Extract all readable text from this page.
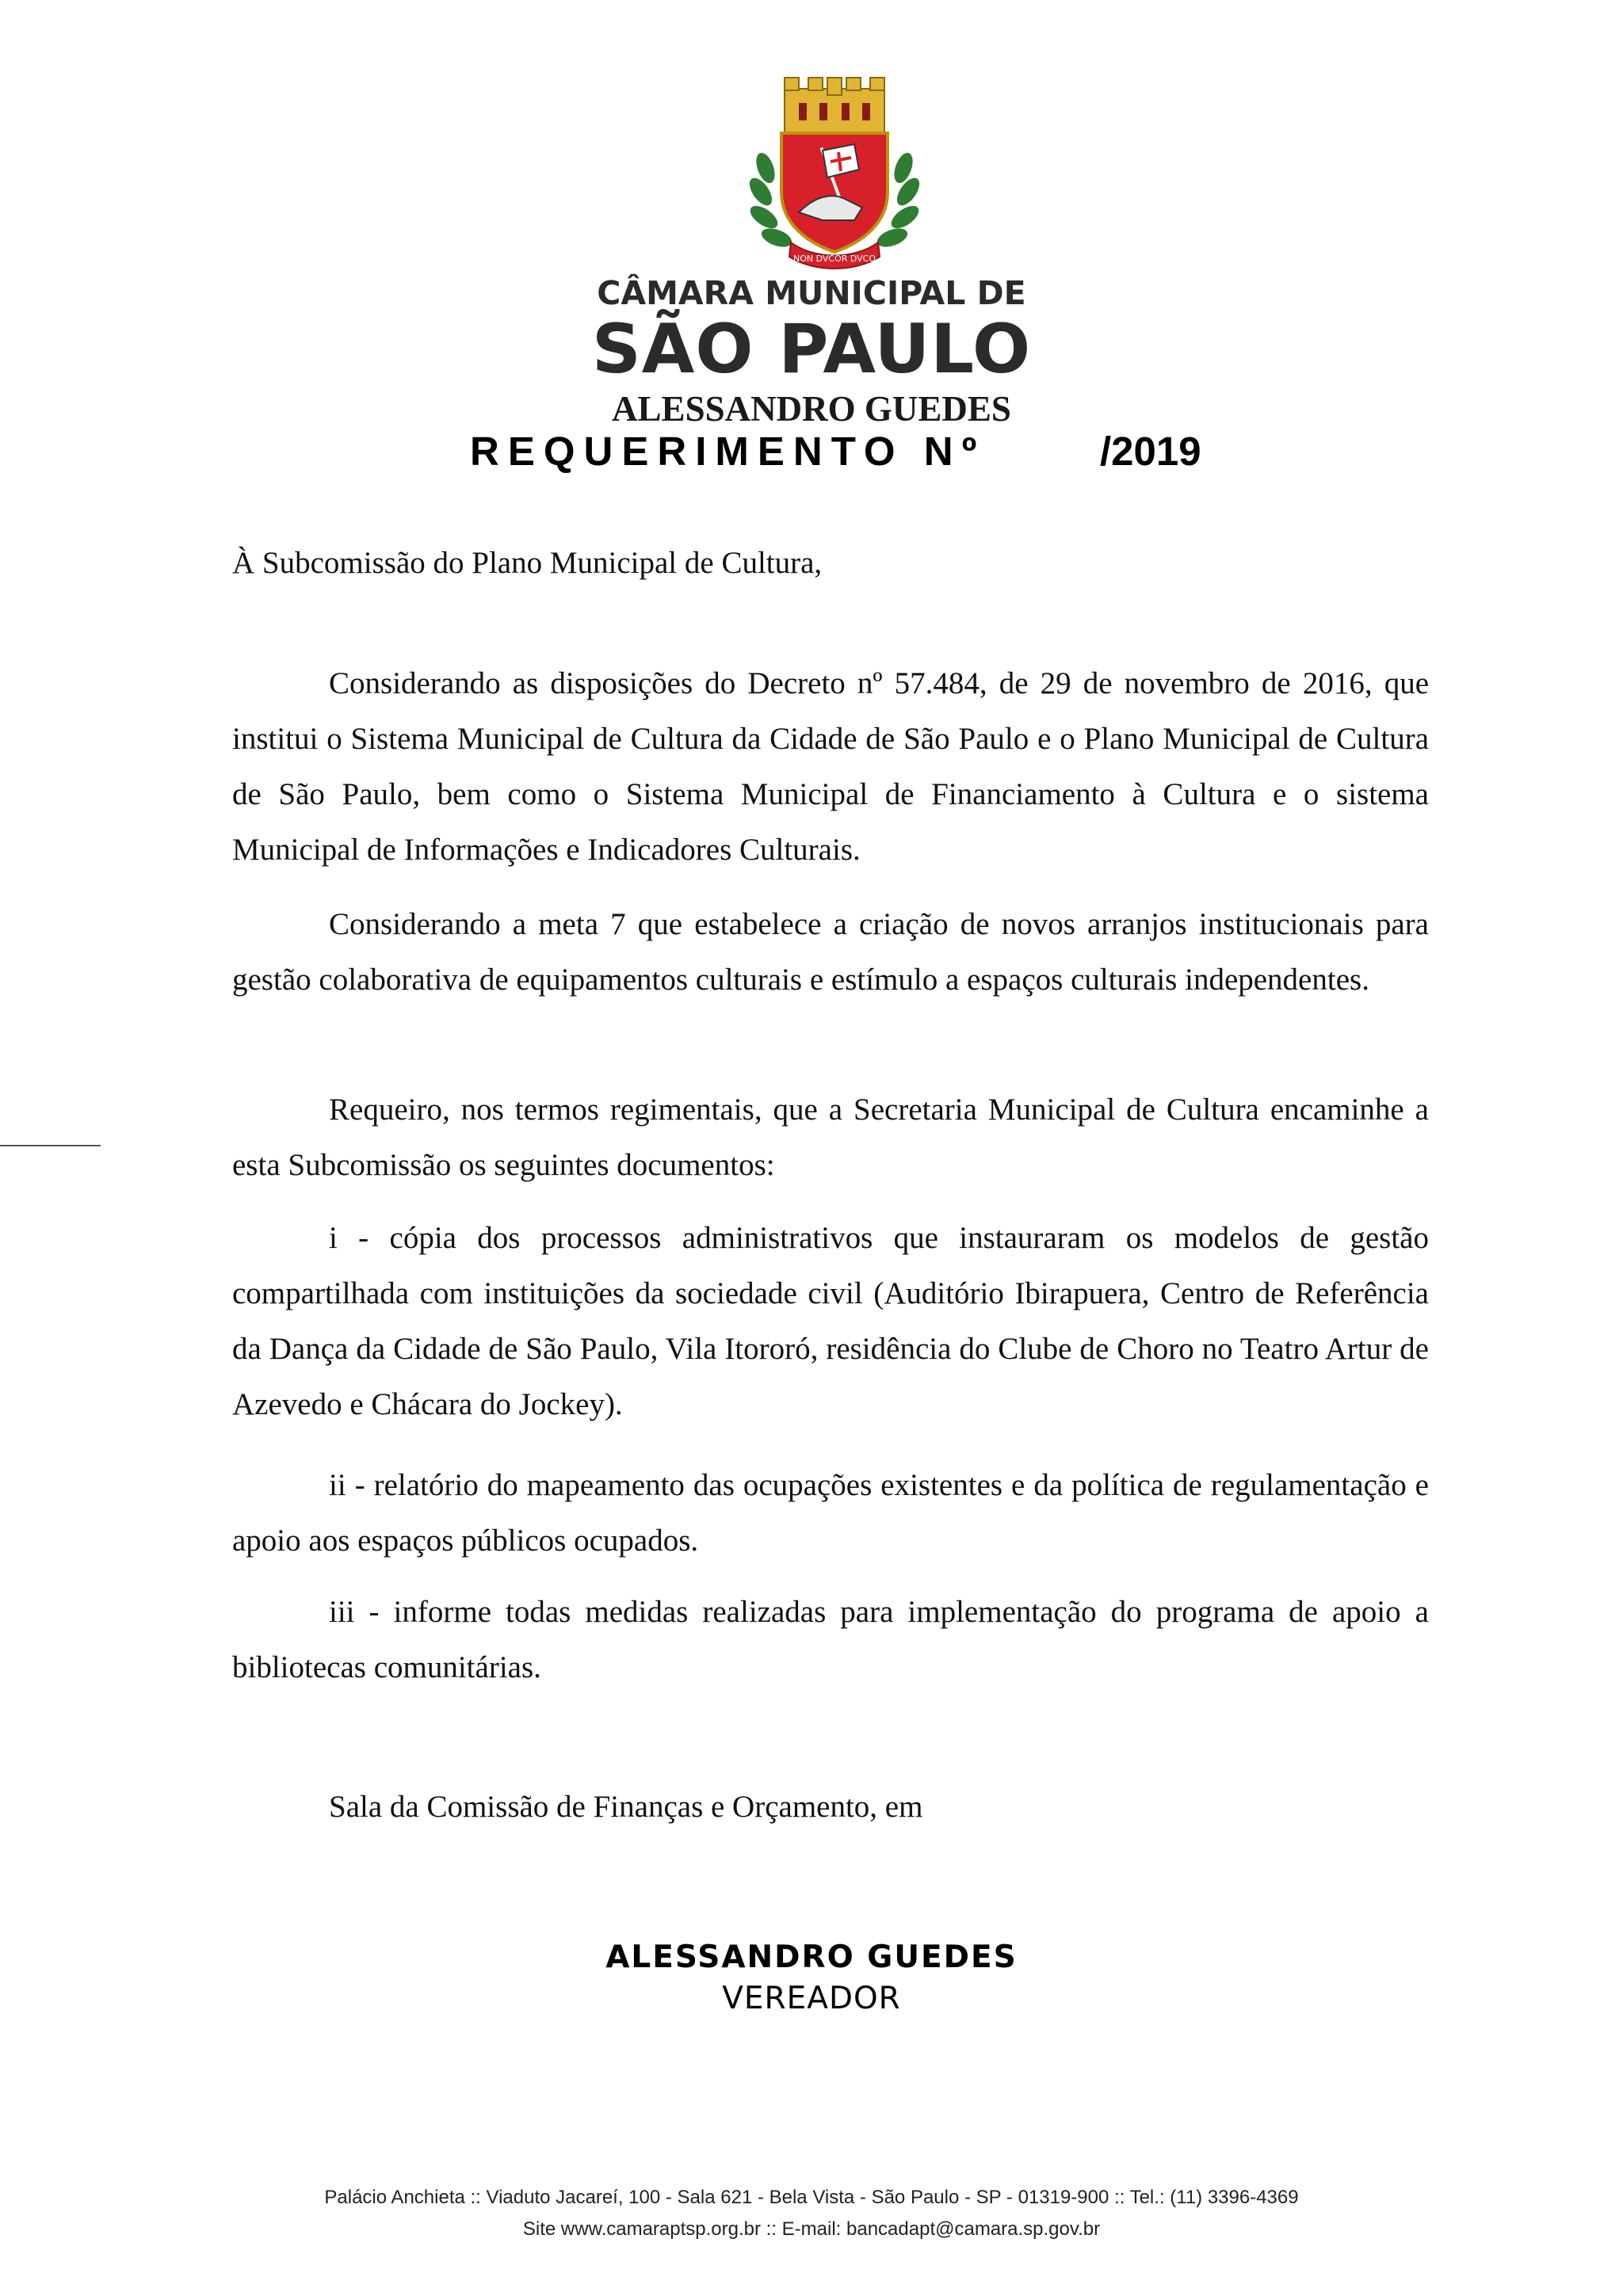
NON DVCOR DVCO
CÂMARA MUNICIPAL DE
SÃO PAULO
ALESSANDRO GUEDES
REQUERIMENTO Nº	/2019
À Subcomissão do Plano Municipal de Cultura,

Considerando as disposições do Decreto nº 57.484, de 29 de novembro de 2016, que institui o Sistema Municipal de Cultura da Cidade de São Paulo e o Plano Municipal de Cultura de São Paulo, bem como o Sistema Municipal de Financiamento à Cultura e o sistema Municipal de Informações e Indicadores Culturais.

Considerando a meta 7 que estabelece a criação de novos arranjos institucionais para gestão colaborativa de equipamentos culturais e estímulo a espaços culturais independentes.

Requeiro, nos termos regimentais, que a Secretaria Municipal de Cultura encaminhe a esta Subcomissão os seguintes documentos:

i - cópia dos processos administrativos que instauraram os modelos de gestão compartilhada com instituições da sociedade civil (Auditório Ibirapuera, Centro de Referência da Dança da Cidade de São Paulo, Vila Itororó, residência do Clube de Choro no Teatro Artur de Azevedo e Chácara do Jockey).

ii - relatório do mapeamento das ocupações existentes e da política de regulamentação e apoio aos espaços públicos ocupados.

iii - informe todas medidas realizadas para implementação do programa de apoio a bibliotecas comunitárias.

Sala da Comissão de Finanças e Orçamento, em
ALESSANDRO GUEDES
VEREADOR
Palácio Anchieta :: Viaduto Jacareí, 100 - Sala 621 - Bela Vista - São Paulo - SP - 01319-900 :: Tel.: (11) 3396-4369
Site www.camaraptsp.org.br :: E-mail: bancadapt@camara.sp.gov.br
